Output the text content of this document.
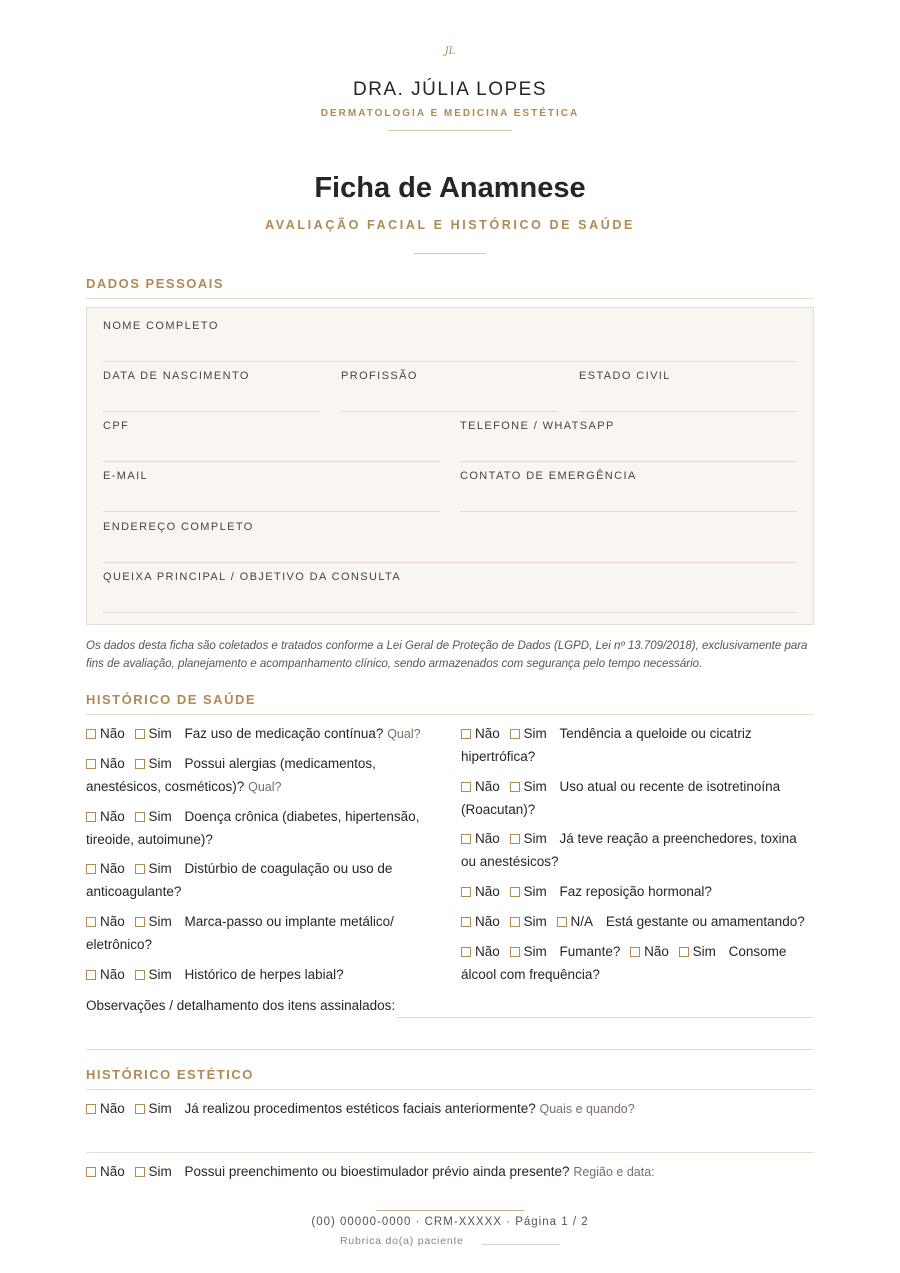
JL
DRA. JÚLIA LOPES
DERMATOLOGIA E MEDICINA ESTÉTICA
Ficha de Anamnese
AVALIAÇÃO FACIAL E HISTÓRICO DE SAÚDE
DADOS PESSOAIS
NOME COMPLETO
DATA DE NASCIMENTO	PROFISSÃO	ESTADO CIVIL
CPF	TELEFONE / WHATSAPP
E-MAIL	CONTATO DE EMERGÊNCIA
ENDEREÇO COMPLETO
QUEIXA PRINCIPAL / OBJETIVO DA CONSULTA
Os dados desta ficha são coletados e tratados conforme a Lei Geral de Proteção de Dados (LGPD, Lei nº 13.709/2018), exclusivamente para fins de avaliação, planejamento e acompanhamento clínico, sendo armazenados com segurança pelo tempo necessário.
HISTÓRICO DE SAÚDE
Não Sim Faz uso de medicação contínua? Qual?
Não Sim Possui alergias (medicamentos, anestésicos, cosméticos)? Qual?
Não Sim Doença crônica (diabetes, hipertensão, tireoide, autoimune)?
Não Sim Distúrbio de coagulação ou uso de anticoagulante?
Não Sim Marca-passo ou implante metálico/ eletrônico?
Não Sim Histórico de herpes labial?
Não Sim Tendência a queloide ou cicatriz hipertrófica?
Não Sim Uso atual ou recente de isotretinoína (Roacutan)?
Não Sim Já teve reação a preenchedores, toxina ou anestésicos?
Não Sim Faz reposição hormonal?
Não Sim N/A Está gestante ou amamentando?
Não Sim Fumante? Não Sim Consome álcool com frequência?
Observações / detalhamento dos itens assinalados:
HISTÓRICO ESTÉTICO
Não Sim Já realizou procedimentos estéticos faciais anteriormente? Quais e quando?
Não Sim Possui preenchimento ou bioestimulador prévio ainda presente? Região e data:
(00) 00000-0000 · CRM-XXXXX · Página 1 / 2
Rubrica do(a) paciente
